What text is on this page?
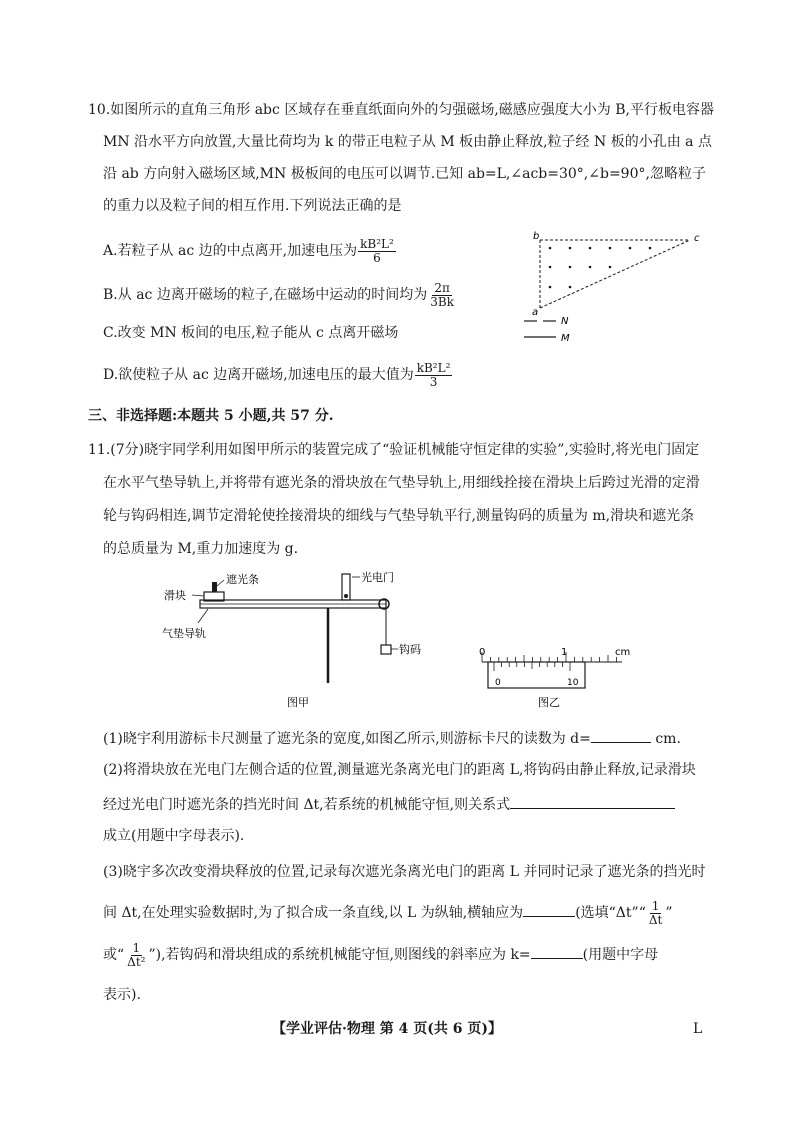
10.如图所示的直角三角形 abc 区域存在垂直纸面向外的匀强磁场,磁感应强度大小为 B,平行板电容器
MN 沿水平方向放置,大量比荷均为 k 的带正电粒子从 M 板由静止释放,粒子经 N 板的小孔由 a 点
沿 ab 方向射入磁场区域,MN 极板间的电压可以调节.已知 ab=L,∠acb=30°,∠b=90°,忽略粒子
的重力以及粒子间的相互作用.下列说法正确的是
A.若粒子从 ac 边的中点离开,加速电压为 $\frac{\text{kB²L²}}{6}$
B.从 ac 边离开磁场的粒子,在磁场中运动的时间均为 $\frac{2\pi}{3Bk}$
C.改变 MN 板间的电压,粒子能从 c 点离开磁场
D.欲使粒子从 ac 边离开磁场,加速电压的最大值为 $\frac{\text{kB²L²}}{3}$
b	c
a
N
M
三、非选择题:本题共 5 小题,共 57 分.
11.(7分)晓宇同学利用如图甲所示的装置完成了“验证机械能守恒定律的实验”,实验时,将光电门固定
在水平气垫导轨上,并将带有遮光条的滑块放在气垫导轨上,用细线拴接在滑块上后跨过光滑的定滑
轮与钩码相连,调节定滑轮使拴接滑块的细线与气垫导轨平行,测量钩码的质量为 m,滑块和遮光条
的总质量为 M,重力加速度为 g.
遮光条
滑块
气垫导轨
光电门
钩码
图甲
0	1	cm
0	10
图乙
(1)晓宇利用游标卡尺测量了遮光条的宽度,如图乙所示,则游标卡尺的读数为 d=	cm.
(2)将滑块放在光电门左侧合适的位置,测量遮光条离光电门的距离 L,将钩码由静止释放,记录滑块
经过光电门时遮光条的挡光时间 Δt,若系统的机械能守恒,则关系式
成立(用题中字母表示).
(3)晓宇多次改变滑块释放的位置,记录每次遮光条离光电门的距离 L 并同时记录了遮光条的挡光时
间 Δt,在处理实验数据时,为了拟合成一条直线,以 L 为纵轴,横轴应为	(选填“Δt”“ $\frac{1}{\Delta t}$ ”
或“ $\frac{1}{\text{Δt²}}$ ”),若钩码和滑块组成的系统机械能守恒,则图线的斜率应为 k=	(用题中字母
表示).
【学业评估·物理 第 4 页(共 6 页)】	L
